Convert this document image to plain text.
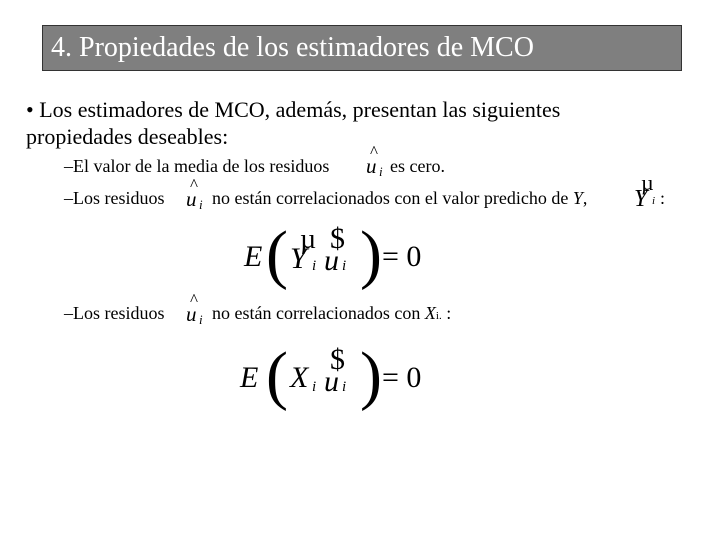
4. Propiedades de los estimadores de MCO
• Los estimadores de MCO, además, presentan las siguientes
propiedades deseables:
–El valor de la media de los residuos
^
u i es cero.
–Los residuos
^
u i no están correlacionados con el valor predicho de Y,
µ
Y i :
E ( µ
Y i
$
u i ) = 0
–Los residuos
^
u i no están correlacionados con Xi. :
E ( X i
$
u i ) = 0
